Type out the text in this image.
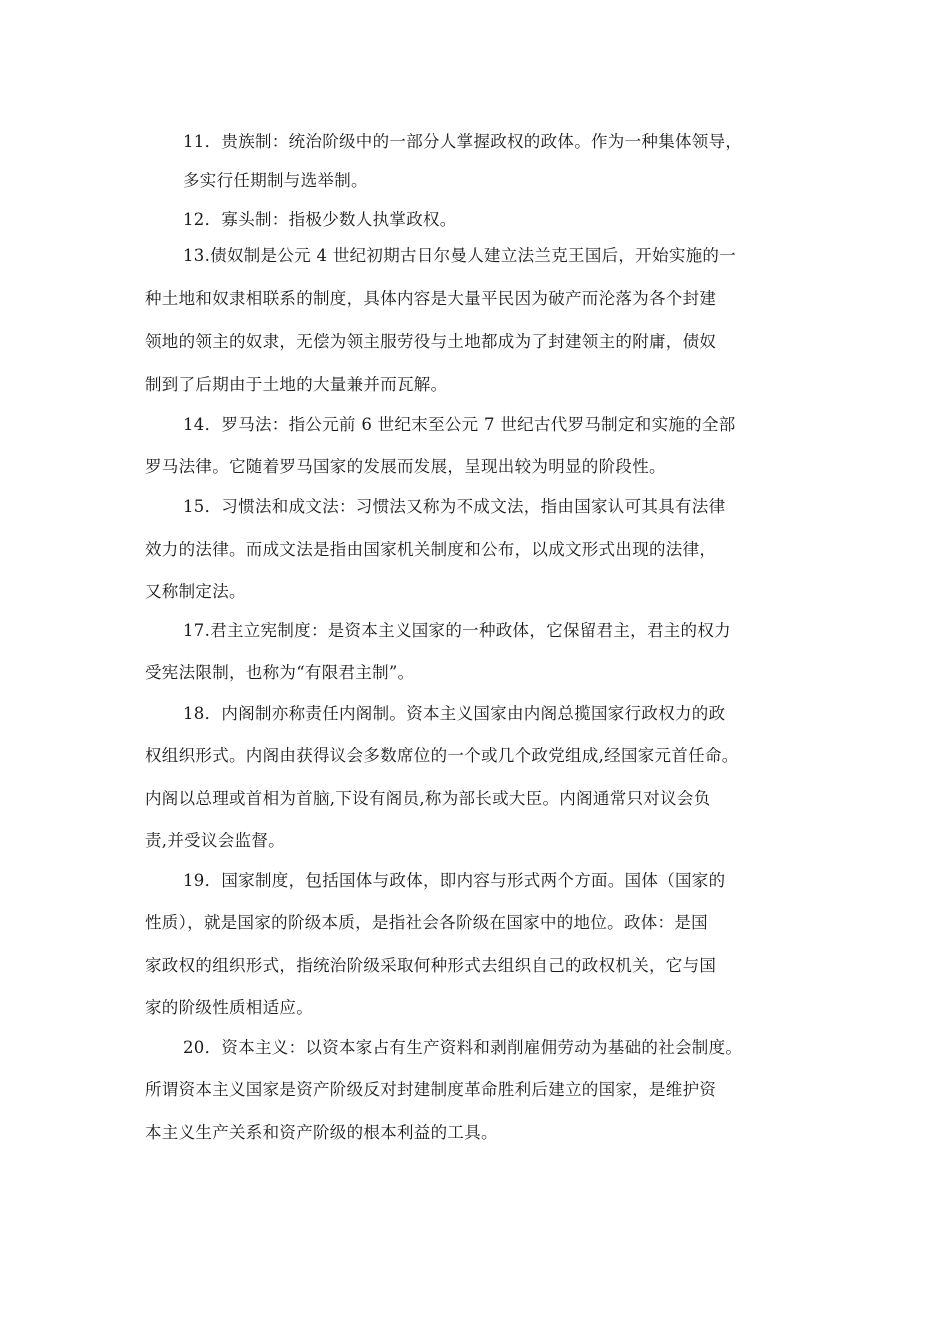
11．贵族制：统治阶级中的一部分人掌握政权的政体。作为一种集体领导，
多实行任期制与选举制。
12．寡头制：指极少数人执掌政权。
13.债奴制是公元 4 世纪初期古日尔曼人建立法兰克王国后，开始实施的一
种土地和奴隶相联系的制度，具体内容是大量平民因为破产而沦落为各个封建
领地的领主的奴隶，无偿为领主服劳役与土地都成为了封建领主的附庸，债奴
制到了后期由于土地的大量兼并而瓦解。
14．罗马法：指公元前 6 世纪末至公元 7 世纪古代罗马制定和实施的全部
罗马法律。它随着罗马国家的发展而发展，呈现出较为明显的阶段性。
15．习惯法和成文法：习惯法又称为不成文法，指由国家认可其具有法律
效力的法律。而成文法是指由国家机关制度和公布，以成文形式出现的法律，
又称制定法。
17.君主立宪制度：是资本主义国家的一种政体，它保留君主，君主的权力
受宪法限制，也称为“有限君主制”。
18．内阁制亦称责任内阁制。资本主义国家由内阁总揽国家行政权力的政
权组织形式。内阁由获得议会多数席位的一个或几个政党组成,经国家元首任命。
内阁以总理或首相为首脑,下设有阁员,称为部长或大臣。内阁通常只对议会负
责,并受议会监督。
19．国家制度，包括国体与政体，即内容与形式两个方面。国体（国家的
性质），就是国家的阶级本质，是指社会各阶级在国家中的地位。政体：是国
家政权的组织形式，指统治阶级采取何种形式去组织自己的政权机关，它与国
家的阶级性质相适应。
20．资本主义：以资本家占有生产资料和剥削雇佣劳动为基础的社会制度。
所谓资本主义国家是资产阶级反对封建制度革命胜利后建立的国家，是维护资
本主义生产关系和资产阶级的根本利益的工具。
